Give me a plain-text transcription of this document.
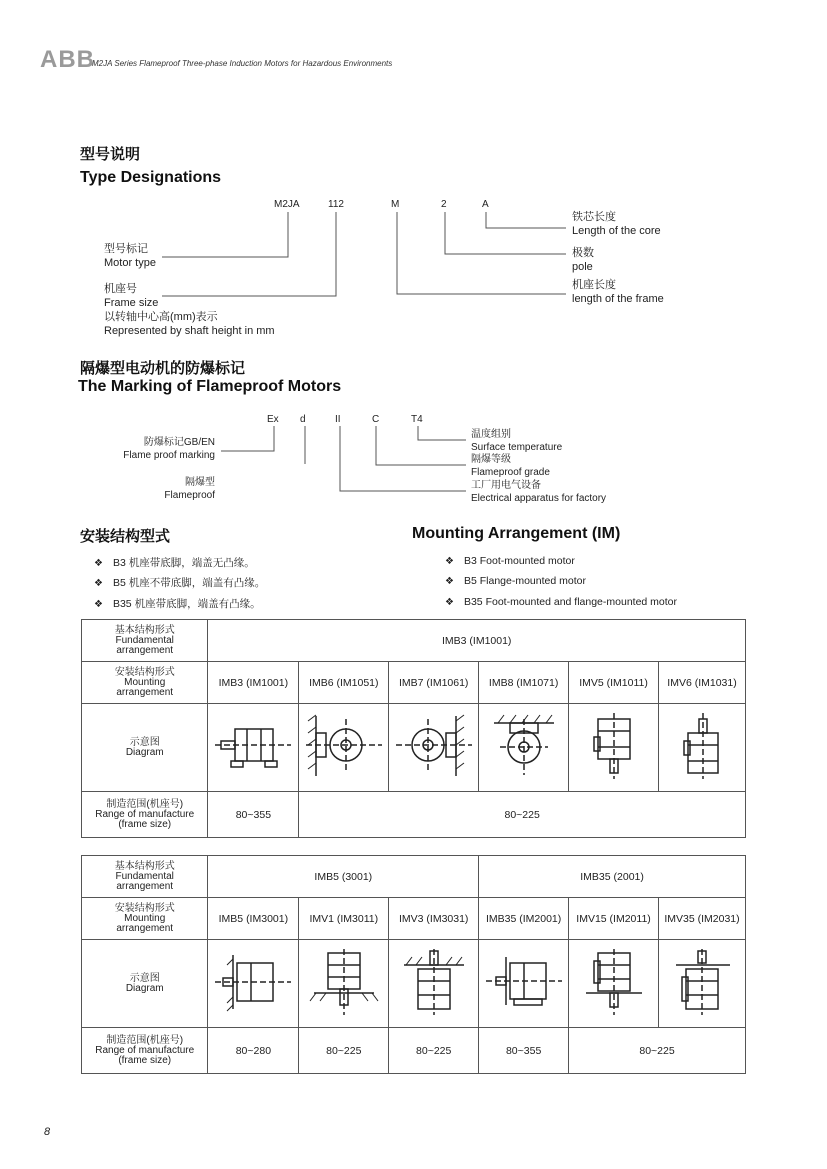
ABB
M2JA Series Flameproof Three-phase Induction Motors for Hazardous Environments
型号说明
Type Designations
M2JA	112	M	2	A
型号标记
Motor type
机座号
Frame size
以转轴中心高(mm)表示
Represented by shaft height in mm
铁芯长度
Length of the core
极数
pole
机座长度
length of the frame
隔爆型电动机的防爆标记
The Marking of Flameproof Motors
Ex d	II	C	T4
防爆标记GB/EN
Flame proof marking
隔爆型
Flameproof
温度组别
Surface temperature
隔爆等级
Flameproof grade
工厂用电气设备
Electrical apparatus for factory
安装结构型式	Mounting Arrangement (IM)
❖ B3 机座带底脚，端盖无凸缘。
❖ B5 机座不带底脚，端盖有凸缘。
❖ B35 机座带底脚，端盖有凸缘。
❖ B3 Foot-mounted motor
❖ B5 Flange-mounted motor
❖ B35 Foot-mounted and flange-mounted motor
基本结构形式
Fundamental
arrangement	IMB3 (IM1001)					

安装结构形式
Mounting
arrangement	IMB3 (IM1001)	IMB6 (IM1051)	IMB7 (IM1061)	IMB8 (IM1071)	IMV5 (IM1011)	IMV6 (IM1031)

示意图
Diagram

制造范围(机座号)
Range of manufacture
(frame size)	80~355	80~225				
基本结构形式
Fundamental
arrangement	IMB5 (3001)			IMB35 (2001)		

安装结构形式
Mounting
arrangement	IMB5 (IM3001)	IMV1 (IM3011)	IMV3 (IM3031)	IMB35 (IM2001)	IMV15 (IM2011)	IMV35 (IM2031)

示意图
Diagram

制造范围(机座号)
Range of manufacture
(frame size)	80~280	80~225	80~225	80~355	80~225	
8
